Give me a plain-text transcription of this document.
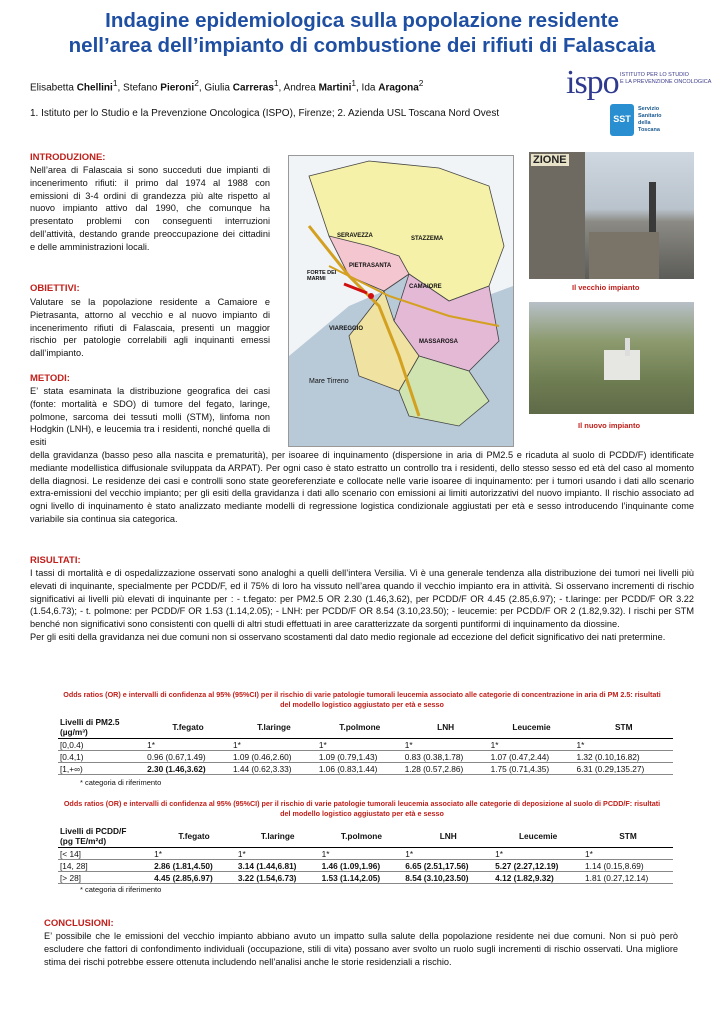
Indagine epidemiologica sulla popolazione residente
nell’area dell’impianto di combustione dei rifiuti di Falascaia
Elisabetta Chellini$^1$, Stefano Pieroni$^2$, Giulia Carreras$^1$, Andrea Martini$^1$, Ida Aragona$^2$
1. Istituto per lo Studio e la Prevenzione Oncologica (ISPO), Firenze; 2. Azienda USL Toscana Nord Ovest
ispo ISTITUTO PER LO STUDIO
E LA PREVENZIONE ONCOLOGICA
SST
Servizio
Sanitario
della
Toscana
INTRODUZIONE:
Nell’area di Falascaia si sono succeduti due impianti di incenerimento rifiuti: il primo dal 1974 al 1988 con emissioni di 3-4 ordini di grandezza più alte rispetto al nuovo impianto attivo dal 1990, che comunque ha presentato problemi con conseguenti interruzioni dell’attività, destando grande preoccupazione dei cittadini e delle amministrazioni locali.
OBIETTIVI:
Valutare se la popolazione residente a Camaiore e Pietrasanta, attorno al vecchio e al nuovo impianto di incenerimento rifiuti di Falascaia, presenti un maggior rischio per patologie correlabili agli inquinanti emessi dall’impianto.
METODI:
E’ stata esaminata la distribuzione geografica dei casi (fonte: mortalità e SDO) di tumore del fegato, laringe, polmone, sarcoma dei tessuti molli (STM), linfoma non Hodgkin (LNH), e leucemia tra i residenti, nonché quella di esiti
della gravidanza (basso peso alla nascita e prematurità), per isoaree di inquinamento (dispersione in aria di PM2.5 e ricaduta al suolo di PCDD/F) identificate mediante modellistica diffusionale sviluppata da ARPAT). Per ogni caso è stato estratto un controllo tra i residenti, dello stesso sesso ed età del caso al momento della diagnosi. Le residenze dei casi e controlli sono state georeferenziate e collocate nelle varie isoaree di inquinamento: per i tumori usando i dati allo scenario extra-emissioni del vecchio impianto; per gli esiti della gravidanza i dati allo scenario con emissioni ai limiti autorizzativi del nuovo impianto. Il rischio associato ad ogni livello di inquinamento è stato analizzato mediante modelli di regressione logistica condizionale aggiustati per età e sesso introducendo l’inquinante come variabile sia continua sia categorica.
SERAVEZZA	STAZZEMA
FORTE DEI MARMI
PIETRASANTA
CAMAIORE
VIAREGGIO
MASSAROSA
Mare Tirreno
ZIONE
Il vecchio impianto
Il nuovo impianto
RISULTATI:
I tassi di mortalità e di ospedalizzazione osservati sono analoghi a quelli dell’intera Versilia. Vi è una generale tendenza alla distribuzione dei tumori nei livelli più elevati di inquinante, specialmente per PCDD/F, ed il 75% di loro ha vissuto nell’area quando il vecchio impianto era in attività. Si osservano incrementi di rischio significativi ai livelli più elevati di inquinante per : - t.fegato: per PM2.5 OR 2.30 (1.46,3.62), per PCDD/F OR 4.45 (2.85,6.97); - t.laringe: per PCDD/F OR 3.22 (1.54,6.73); - t. polmone: per PCDD/F OR 1.53 (1.14,2.05); - LNH: per PCDD/F OR 8.54 (3.10,23.50); - leucemie: per PCDD/F OR 2 (1.82,9.32). I rischi per STM benché non significativi sono consistenti con quelli di altri studi effettuati in aree caratterizzate da sorgenti puntiformi di inquinamento da diossine.
Per gli esiti della gravidanza nei due comuni non si osservano scostamenti dal dato medio regionale ad eccezione del deficit significativo dei nati pretermine.
Odds ratios (OR) e intervalli di confidenza al 95% (95%CI) per il rischio di varie patologie tumorali leucemia associato alle categorie di concentrazione in aria di PM 2.5: risultati del modello logistico aggiustato per età e sesso
Livelli di PM2.5
(µg/m³)	T.fegato	T.laringe	T.polmone	LNH	Leucemie	STM
[0,0.4)	1*	1*	1*	1*	1*	1*
[0.4,1)	0.96 (0.67,1.49)	1.09 (0.46,2.60)	1.09 (0.79,1.43)	0.83 (0.38,1.78)	1.07 (0.47,2.44)	1.32 (0.10,16.82)
[1,+∞)	2.30 (1.46,3.62)	1.44 (0.62,3.33)	1.06 (0.83,1.44)	1.28 (0.57,2.86)	1.75 (0.71,4.35)	6.31 (0.29,135.27)
* categoria di riferimento
Odds ratios (OR) e intervalli di confidenza al 95% (95%CI) per il rischio di varie patologie tumorali leucemia associato alle categorie di deposizione al suolo di PCDD/F: risultati del modello logistico aggiustato per età e sesso
Livelli di PCDD/F
(pg TE/m²d)	T.fegato	T.laringe	T.polmone	LNH	Leucemie	STM
[< 14]	1*	1*	1*	1*	1*	1*
[14, 28]	2.86 (1.81,4.50)	3.14 (1.44,6.81)	1.46 (1.09,1.96)	6.65 (2.51,17.56)	5.27 (2.27,12.19)	1.14 (0.15,8.69)
[> 28]	4.45 (2.85,6.97)	3.22 (1.54,6.73)	1.53 (1.14,2.05)	8.54 (3.10,23.50)	4.12 (1.82,9.32)	1.81 (0.27,12.14)
* categoria di riferimento
CONCLUSIONI:
E’ possibile che le emissioni del vecchio impianto abbiano avuto un impatto sulla salute della popolazione residente nei due comuni. Non si può però escludere che fattori di confondimento individuali (occupazione, stili di vita) possano aver svolto un ruolo sugli incrementi di rischio osservati. Una migliore stima dei rischi potrebbe essere ottenuta includendo nell’analisi anche le storie residenziali a rischio.
